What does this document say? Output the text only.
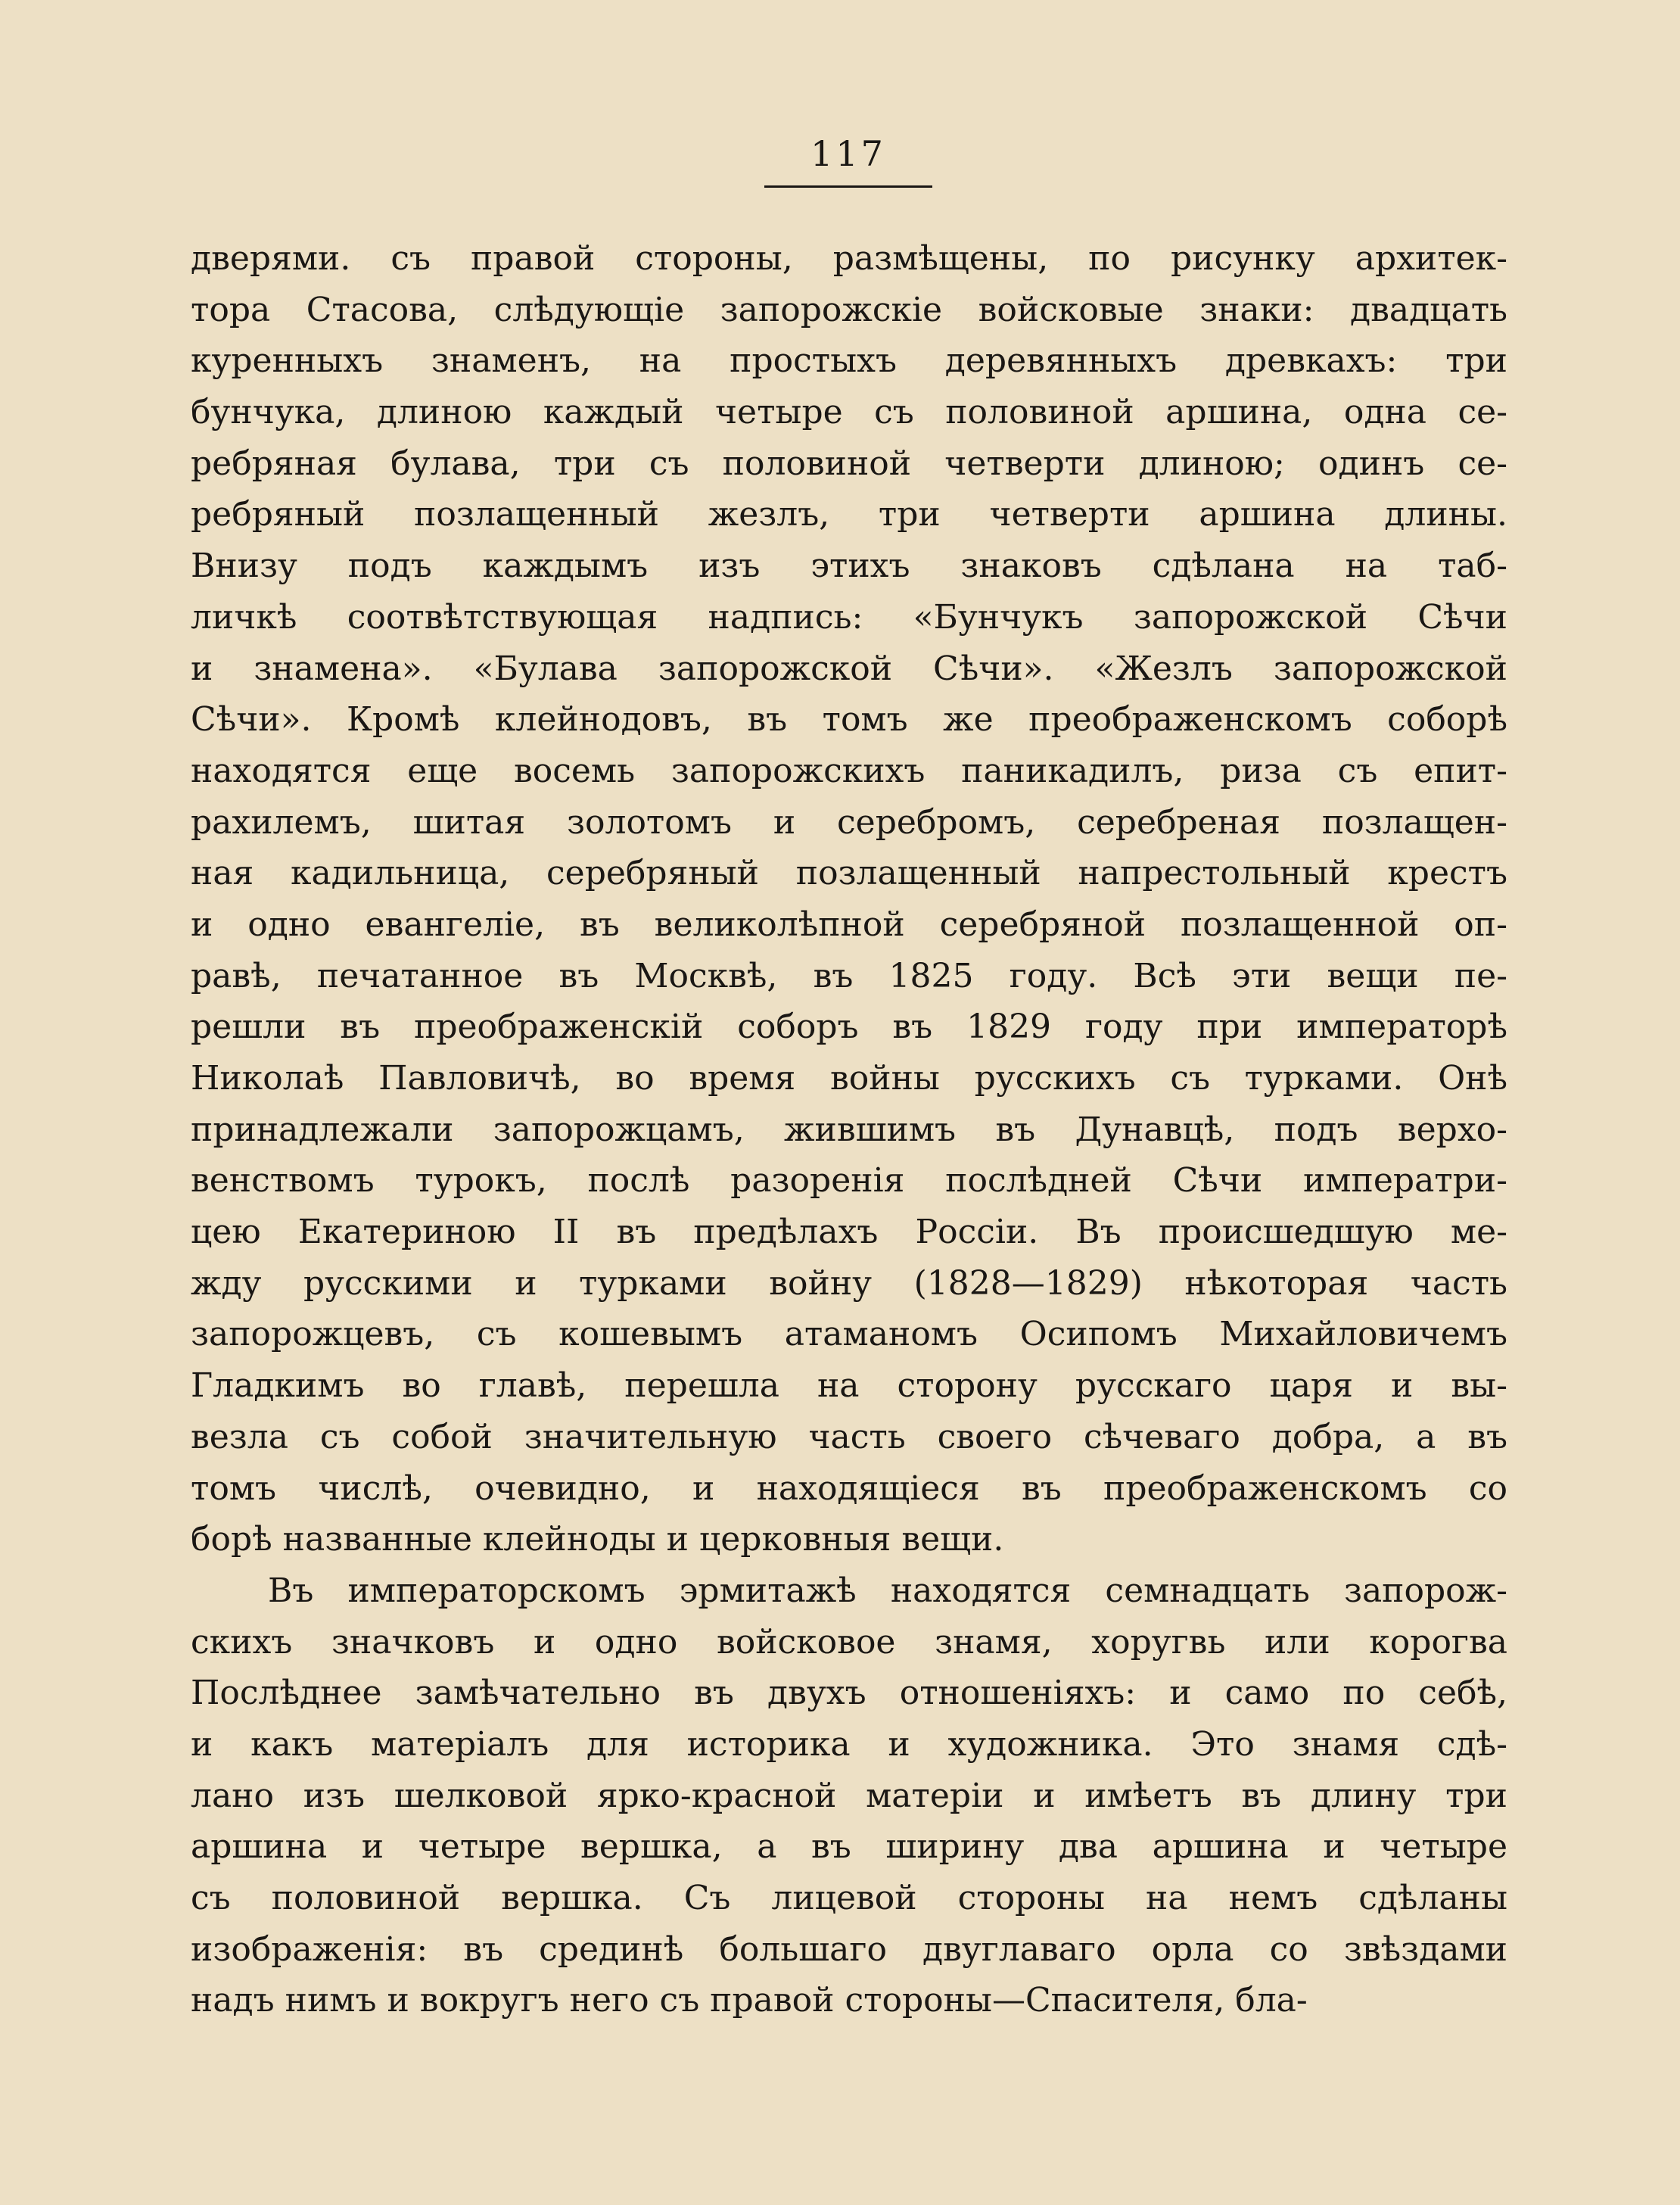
117
дверями. съ правой стороны, размѣщены, по рисунку архитек-
тора Стасова, слѣдующіе запорожскіе войсковые знаки: двадцать
куренныхъ знаменъ, на простыхъ деревянныхъ древкахъ: три
бунчука, длиною каждый четыре съ половиной аршина, одна се-
ребряная булава, три съ половиной четверти длиною; одинъ се-
ребряный позлащенный жезлъ, три четверти аршина длины.
Внизу подъ каждымъ изъ этихъ знаковъ сдѣлана на таб-
личкѣ соотвѣтствующая надпись: «Бунчукъ запорожской Сѣчи
и знамена». «Булава запорожской Сѣчи». «Жезлъ запорожской
Сѣчи». Кромѣ клейнодовъ, въ томъ же преображенскомъ соборѣ
находятся еще восемь запорожскихъ паникадилъ, риза съ епит-
рахилемъ, шитая золотомъ и серебромъ, серебреная позлащен-
ная кадильница, серебряный позлащенный напрестольный крестъ
и одно евангеліе, въ великолѣпной серебряной позлащенной оп-
равѣ, печатанное въ Москвѣ, въ 1825 году. Всѣ эти вещи пе-
решли въ преображенскій соборъ въ 1829 году при императорѣ
Николаѣ Павловичѣ, во время войны русскихъ съ турками. Онѣ
принадлежали запорожцамъ, жившимъ въ Дунавцѣ, подъ верхо-
венствомъ турокъ, послѣ разоренія послѣдней Сѣчи императри-
цею Екатериною II въ предѣлахъ Россіи. Въ происшедшую ме-
жду русскими и турками войну (1828—1829) нѣкоторая часть
запорожцевъ, съ кошевымъ атаманомъ Осипомъ Михайловичемъ
Гладкимъ во главѣ, перешла на сторону русскаго царя и вы-
везла съ собой значительную часть своего сѣчеваго добра, а въ
томъ числѣ, очевидно, и находящіеся въ преображенскомъ со
борѣ названные клейноды и церковныя вещи.
Въ императорскомъ эрмитажѣ находятся семнадцать запорож-
скихъ значковъ и одно войсковое знамя, хоругвь или корогва
Послѣднее замѣчательно въ двухъ отношеніяхъ: и само по себѣ,
и какъ матеріалъ для историка и художника. Это знамя сдѣ-
лано изъ шелковой ярко-красной матеріи и имѣетъ въ длину три
аршина и четыре вершка, а въ ширину два аршина и четыре
съ половиной вершка. Съ лицевой стороны на немъ сдѣланы
изображенія: въ срединѣ большаго двуглаваго орла со звѣздами
надъ нимъ и вокругъ него съ правой стороны—Спасителя, бла-
